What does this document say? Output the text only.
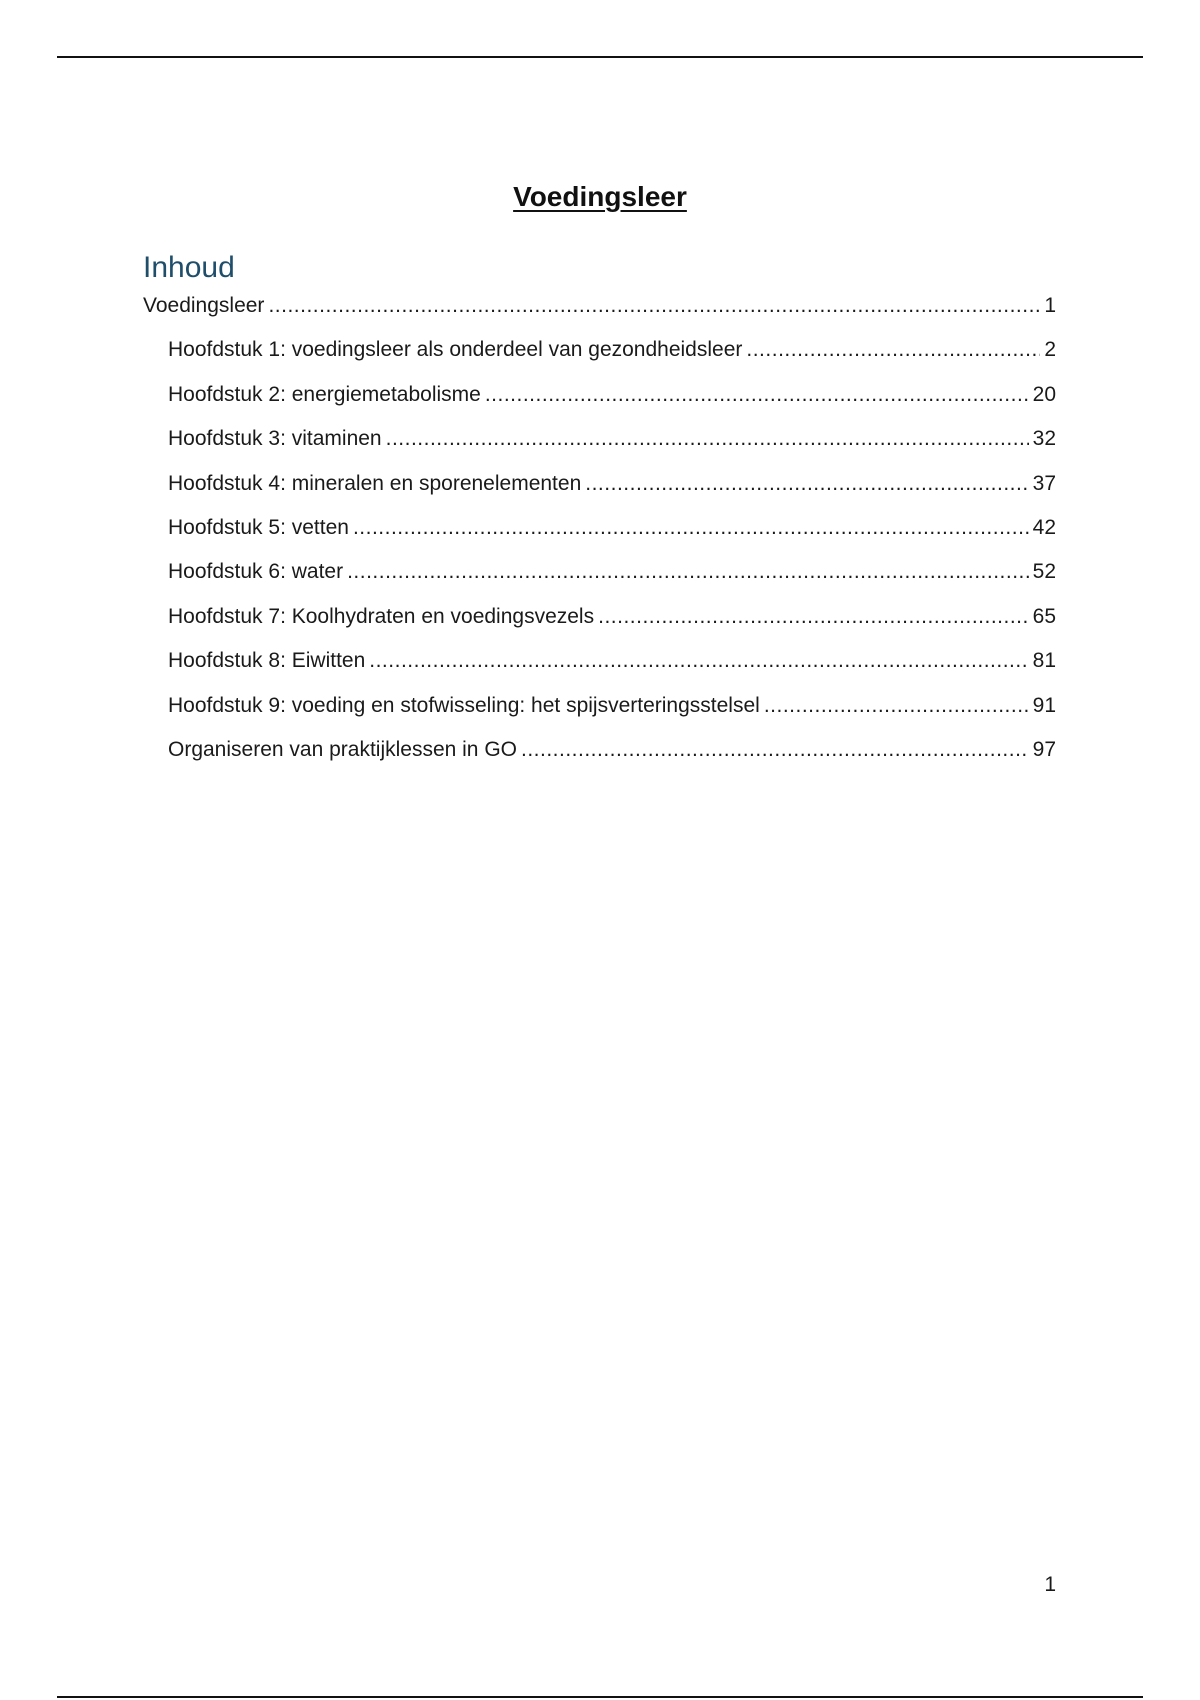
Voedingsleer
Inhoud
Voedingsleer .....	1
Hoofdstuk 1: voedingsleer als onderdeel van gezondheidsleer .....	2
Hoofdstuk 2: energiemetabolisme .....	20
Hoofdstuk 3: vitaminen .....	32
Hoofdstuk 4: mineralen en sporenelementen .....	37
Hoofdstuk 5: vetten .....	42
Hoofdstuk 6: water .....	52
Hoofdstuk 7: Koolhydraten en voedingsvezels .....	65
Hoofdstuk 8: Eiwitten .....	81
Hoofdstuk 9: voeding en stofwisseling: het spijsverteringsstelsel .....	91
Organiseren van praktijklessen in GO .....	97
1
